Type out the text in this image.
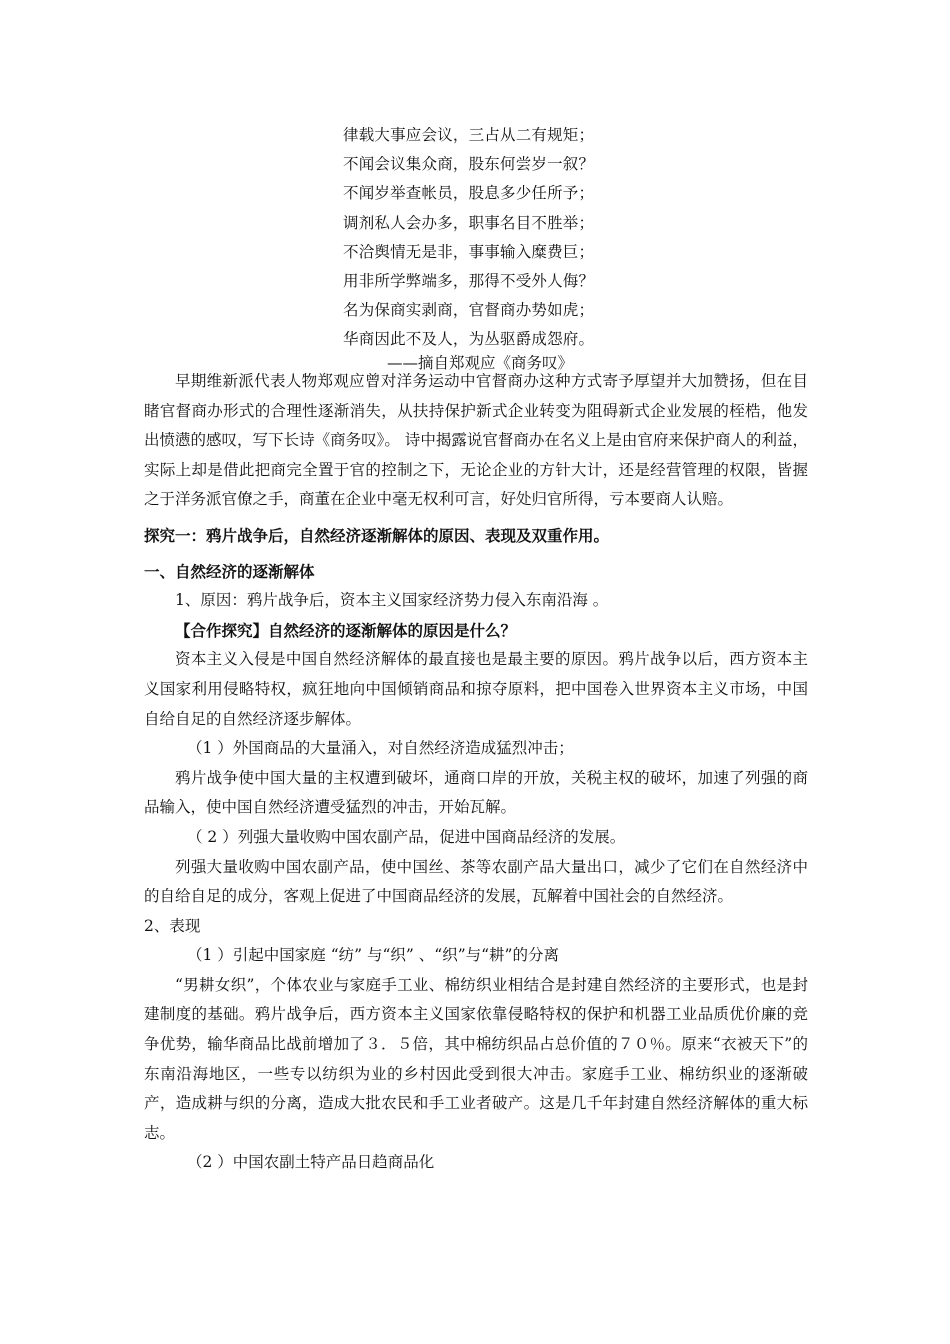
律载大事应会议，三占从二有规矩；
不闻会议集众商，股东何尝岁一叙？
不闻岁举查帐员，股息多少任所予；
调剂私人会办多，职事名目不胜举；
不洽舆情无是非，事事输入糜费巨；
用非所学弊端多，那得不受外人侮？
名为保商实剥商，官督商办势如虎；
华商因此不及人，为丛驱爵成怨府。
——摘自郑观应《商务叹》

早期维新派代表人物郑观应曾对洋务运动中官督商办这种方式寄予厚望并大加赞扬，但在目睹官督商办形式的合理性逐渐消失，从扶持保护新式企业转变为阻碍新式企业发展的桎梏，他发出愤懑的感叹，写下长诗《商务叹》。 诗中揭露说官督商办在名义上是由官府来保护商人的利益，实际上却是借此把商完全置于官的控制之下，无论企业的方针大计，还是经营管理的权限，皆握之于洋务派官僚之手，商董在企业中毫无权利可言，好处归官所得，亏本要商人认赔。

探究一：鸦片战争后，自然经济逐渐解体的原因、表现及双重作用。

一、自然经济的逐渐解体

1、原因：鸦片战争后，资本主义国家经济势力侵入东南沿海 。

【合作探究】自然经济的逐渐解体的原因是什么？

资本主义入侵是中国自然经济解体的最直接也是最主要的原因。鸦片战争以后，西方资本主义国家利用侵略特权，疯狂地向中国倾销商品和掠夺原料，把中国卷入世界资本主义市场，中国自给自足的自然经济逐步解体。

（1 ）外国商品的大量涌入，对自然经济造成猛烈冲击；

鸦片战争使中国大量的主权遭到破坏，通商口岸的开放，关税主权的破坏，加速了列强的商品输入，使中国自然经济遭受猛烈的冲击，开始瓦解。

（ 2 ）列强大量收购中国农副产品，促进中国商品经济的发展。

列强大量收购中国农副产品，使中国丝、茶等农副产品大量出口，减少了它们在自然经济中的自给自足的成分，客观上促进了中国商品经济的发展，瓦解着中国社会的自然经济。

2、表现

（1 ）引起中国家庭 “纺” 与“织” 、“织”与“耕”的分离

“男耕女织”，个体农业与家庭手工业、棉纺织业相结合是封建自然经济的主要形式，也是封建制度的基础。鸦片战争后，西方资本主义国家依靠侵略特权的保护和机器工业品质优价廉的竞争优势，输华商品比战前增加了３．５倍，其中棉纺织品占总价值的７０％。原来“衣被天下”的东南沿海地区，一些专以纺织为业的乡村因此受到很大冲击。家庭手工业、棉纺织业的逐渐破产，造成耕与织的分离，造成大批农民和手工业者破产。这是几千年封建自然经济解体的重大标志。

（2 ）中国农副土特产品日趋商品化
